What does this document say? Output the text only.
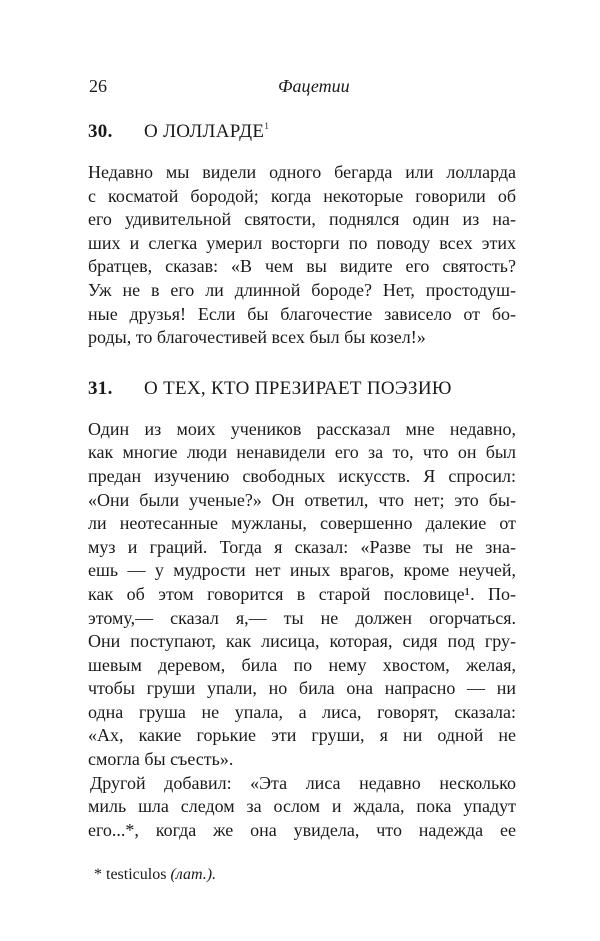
26	Фацетии
30. О ЛОЛЛАРДЕ$^1$
Недавно мы видели одного бегарда или лолларда
с косматой бородой; когда некоторые говорили об
его удивительной святости, поднялся один из на-
ших и слегка умерил восторги по поводу всех этих
братцев, сказав: «В чем вы видите его святость?
Уж не в его ли длинной бороде? Нет, простодуш-
ные друзья! Если бы благочестие зависело от бо-
роды, то благочестивей всех был бы козел!»
31. О ТЕХ, КТО ПРЕЗИРАЕТ ПОЭЗИЮ
Один из моих учеников рассказал мне недавно,
как многие люди ненавидели его за то, что он был
предан изучению свободных искусств. Я спросил:
«Они были ученые?» Он ответил, что нет; это бы-
ли неотесанные мужланы, совершенно далекие от
муз и граций. Тогда я сказал: «Разве ты не зна-
ешь — у мудрости нет иных врагов, кроме неучей,
как об этом говорится в старой пословице¹. По-
этому,— сказал я,— ты не должен огорчаться.
Они поступают, как лисица, которая, сидя под гру-
шевым деревом, била по нему хвостом, желая,
чтобы груши упали, но била она напрасно — ни
одна груша не упала, а лиса, говорят, сказала:
«Ах, какие горькие эти груши, я ни одной не
смогла бы съесть».
Другой добавил: «Эта лиса недавно несколько
миль шла следом за ослом и ждала, пока упадут
его...*, когда же она увидела, что надежда ее
* testiculos (лат.).
